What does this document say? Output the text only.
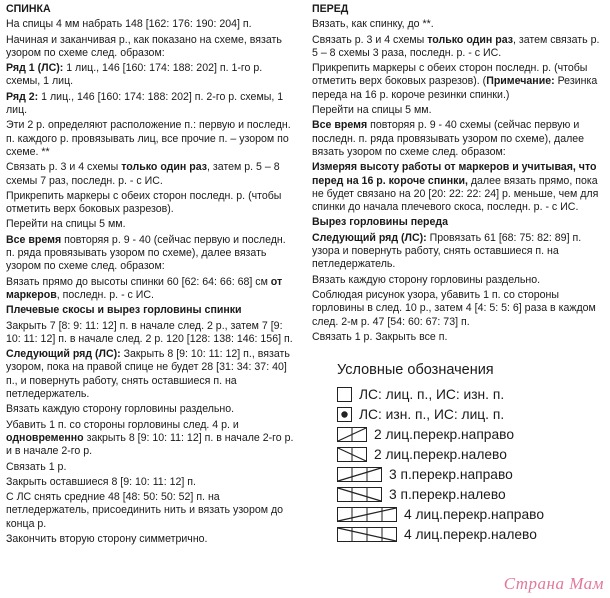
СПИНКА

На спицы 4 мм набрать 148 [162: 176: 190: 204] п.

Начиная и заканчивая р., как показано на схеме, вязать узором по схеме след. образом:

Ряд 1 (ЛС): 1 лиц., 146 [160: 174: 188: 202] п. 1-го р. схемы, 1 лиц.

Ряд 2: 1 лиц., 146 [160: 174: 188: 202] п. 2-го р. схемы, 1 лиц.

Эти 2 р. определяют расположение п.: первую и последн. п. каждого р. провязывать лиц, все прочие п. – узором по схеме. **

Связать р. 3 и 4 схемы только один раз, затем р. 5 – 8 схемы 7 раз, последн. р. - с ИС.

Прикрепить маркеры с обеих сторон последн. р. (чтобы отметить верх боковых разрезов).

Перейти на спицы 5 мм.

Все время повторяя р. 9 - 40 (сейчас первую и последн. п. ряда провязывать узором по схеме), далее вязать узором по схеме след. образом:

Вязать прямо до высоты спинки 60 [62: 64: 66: 68] см от маркеров, последн. р. - с ИС.

Плечевые скосы и вырез горловины спинки

Закрыть 7 [8: 9: 11: 12] п. в начале след. 2 р., затем 7 [9: 10: 11: 12] п. в начале след. 2 р. 120 [128: 138: 146: 156] п.

Следующий ряд (ЛС): Закрыть 8 [9: 10: 11: 12] п., вязать узором, пока на правой спице не будет 28 [31: 34: 37: 40] п., и повернуть работу, снять оставшиеся п. на петледержатель.

Вязать каждую сторону горловины раздельно.

Убавить 1 п. со стороны горловины след. 4 р. и одновременно закрыть 8 [9: 10: 11: 12] п. в начале 2-го р. и в начале 2-го р.

Связать 1 р.

Закрыть оставшиеся 8 [9: 10: 11: 12] п.

С ЛС снять средние 48 [48: 50: 50: 52] п. на петледержатель, присоединить нить и вязать узором до конца р.

Закончить вторую сторону симметрично.

ПЕРЕД

Вязать, как спинку, до **.

Связать р. 3 и 4 схемы только один раз, затем связать р. 5 – 8 схемы 3 раза, последн. р. - с ИС.

Прикрепить маркеры с обеих сторон последн. р. (чтобы отметить верх боковых разрезов). (Примечание: Резинка переда на 16 р. короче резинки спинки.)

Перейти на спицы 5 мм.

Все время повторяя р. 9 - 40 схемы (сейчас первую и последн. п. ряда провязывать узором по схеме), далее вязать узором по схеме след. образом:

Измеряя высоту работы от маркеров и учитывая, что перед на 16 р. короче спинки, далее вязать прямо, пока не будет связано на 20 [20: 22: 22: 24] р. меньше, чем для спинки до начала плечевого скоса, последн. р. - с ИС.

Вырез горловины переда

Следующий ряд (ЛС): Провязать 61 [68: 75: 82: 89] п. узора и повернуть работу, снять оставшиеся п. на петледержатель.

Вязать каждую сторону горловины раздельно.

Соблюдая рисунок узора, убавить 1 п. со стороны горловины в след. 10 р., затем 4 [4: 5: 5: 6] раза в каждом след. 2-м р. 47 [54: 60: 67: 73] п.

Связать 1 р. Закрыть все п.

Условные обозначения

ЛС: лиц. п., ИС: изн. п.
ЛС: изн. п., ИС: лиц. п.
2 лиц.перекр.направо
2 лиц.перекр.налево
3 п.перекр.направо
3 п.перекр.налево
4 лиц.перекр.направо
4 лиц.перекр.налево
Страна Мам
